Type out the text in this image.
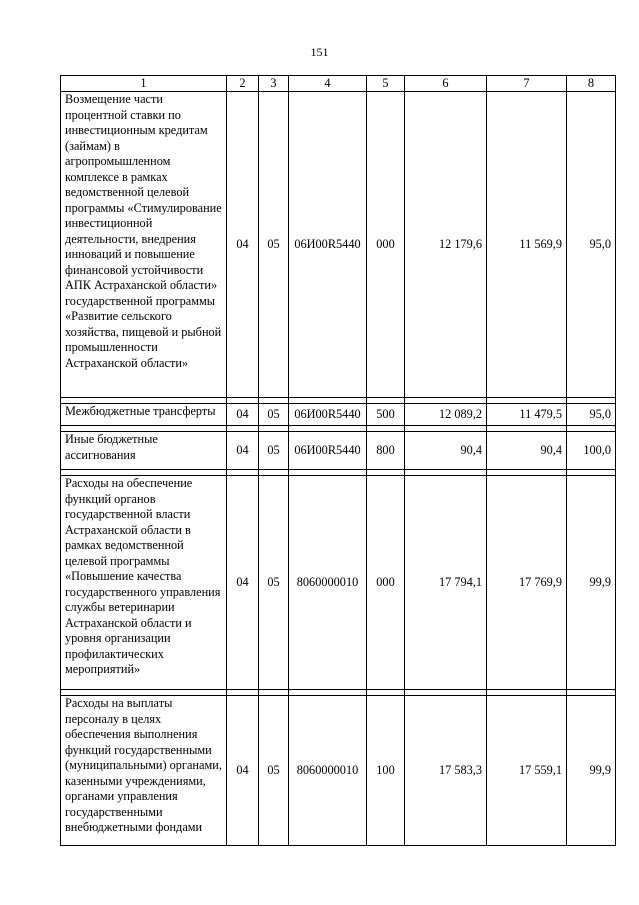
151
1	2	3	4	5	6	7	8
Возмещение части процентной ставки по инвестиционным кредитам (займам) в агропромышленном комплексе в рамках ведомственной целевой программы «Стимулирование инвестиционной деятельности, внедрения инноваций и повышение финансовой устойчивости АПК Астраханской области» государственной программы «Развитие сельского хозяйства, пищевой и рыбной промышленности Астраханской области»	04	05	06И00R5440	000	12 179,6	11 569,9	95,0

Межбюджетные трансферты	04	05	06И00R5440	500	12 089,2	11 479,5	95,0

Иные бюджетные ассигнования	04	05	06И00R5440	800	90,4	90,4	100,0

Расходы на обеспечение функций органов государственной власти Астраханской области в рамках ведомственной целевой программы «Повышение качества государственного управления службы ветеринарии Астраханской области и уровня организации профилактических мероприятий»	04	05	8060000010	000	17 794,1	17 769,9	99,9

Расходы на выплаты персоналу в целях обеспечения выполнения функций государственными (муниципальными) органами, казенными учреждениями, органами управления государственными внебюджетными фондами	04	05	8060000010	100	17 583,3	17 559,1	99,9
